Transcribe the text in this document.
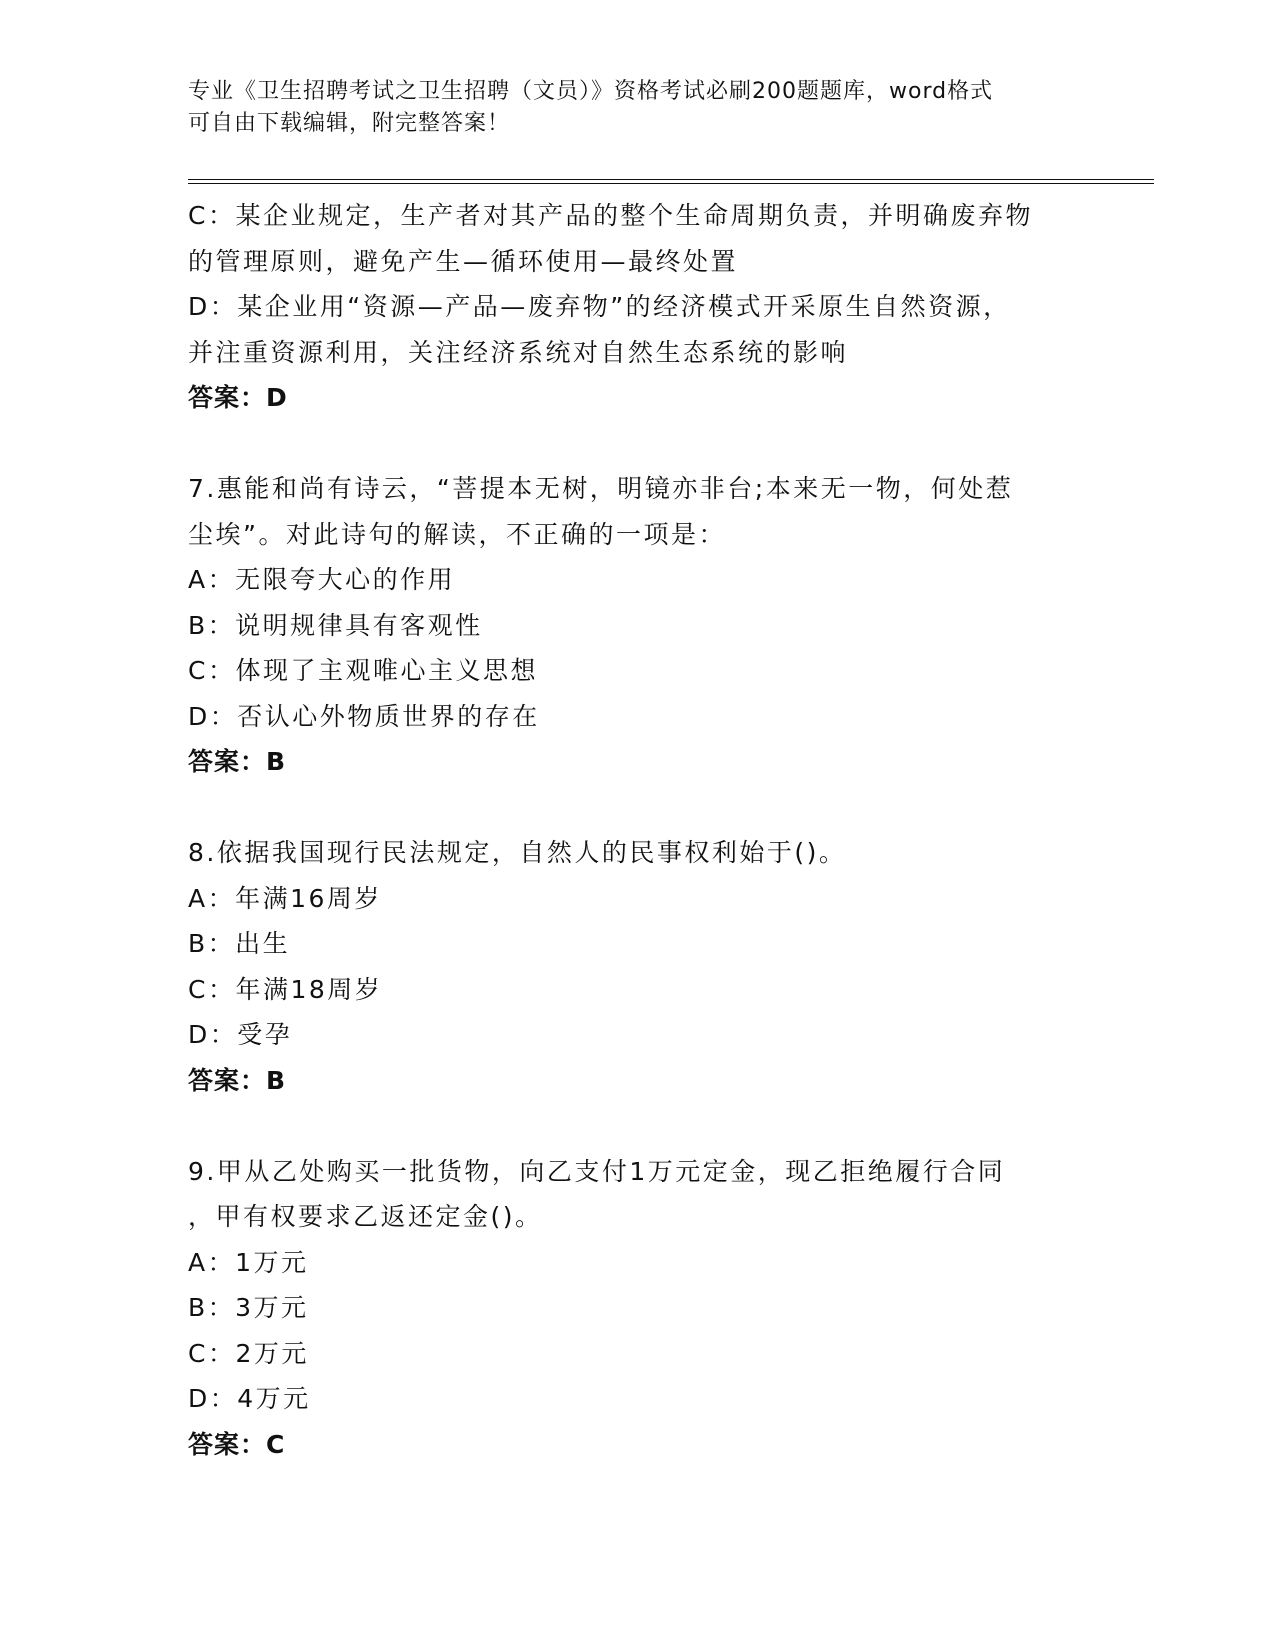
专业《卫生招聘考试之卫生招聘（文员）》资格考试必刷200题题库，word格式
可自由下载编辑，附完整答案！
C：某企业规定，生产者对其产品的整个生命周期负责，并明确废弃物
的管理原则，避免产生—循环使用—最终处置
D：某企业用“资源—产品—废弃物”的经济模式开采原生自然资源，
并注重资源利用，关注经济系统对自然生态系统的影响
答案：D
7.惠能和尚有诗云，“菩提本无树，明镜亦非台;本来无一物，何处惹
尘埃”。对此诗句的解读，不正确的一项是：
A：无限夸大心的作用
B：说明规律具有客观性
C：体现了主观唯心主义思想
D：否认心外物质世界的存在
答案：B
8.依据我国现行民法规定，自然人的民事权利始于()。
A：年满16周岁
B：出生
C：年满18周岁
D：受孕
答案：B
9.甲从乙处购买一批货物，向乙支付1万元定金，现乙拒绝履行合同
，甲有权要求乙返还定金()。
A：1万元
B：3万元
C：2万元
D：4万元
答案：C
